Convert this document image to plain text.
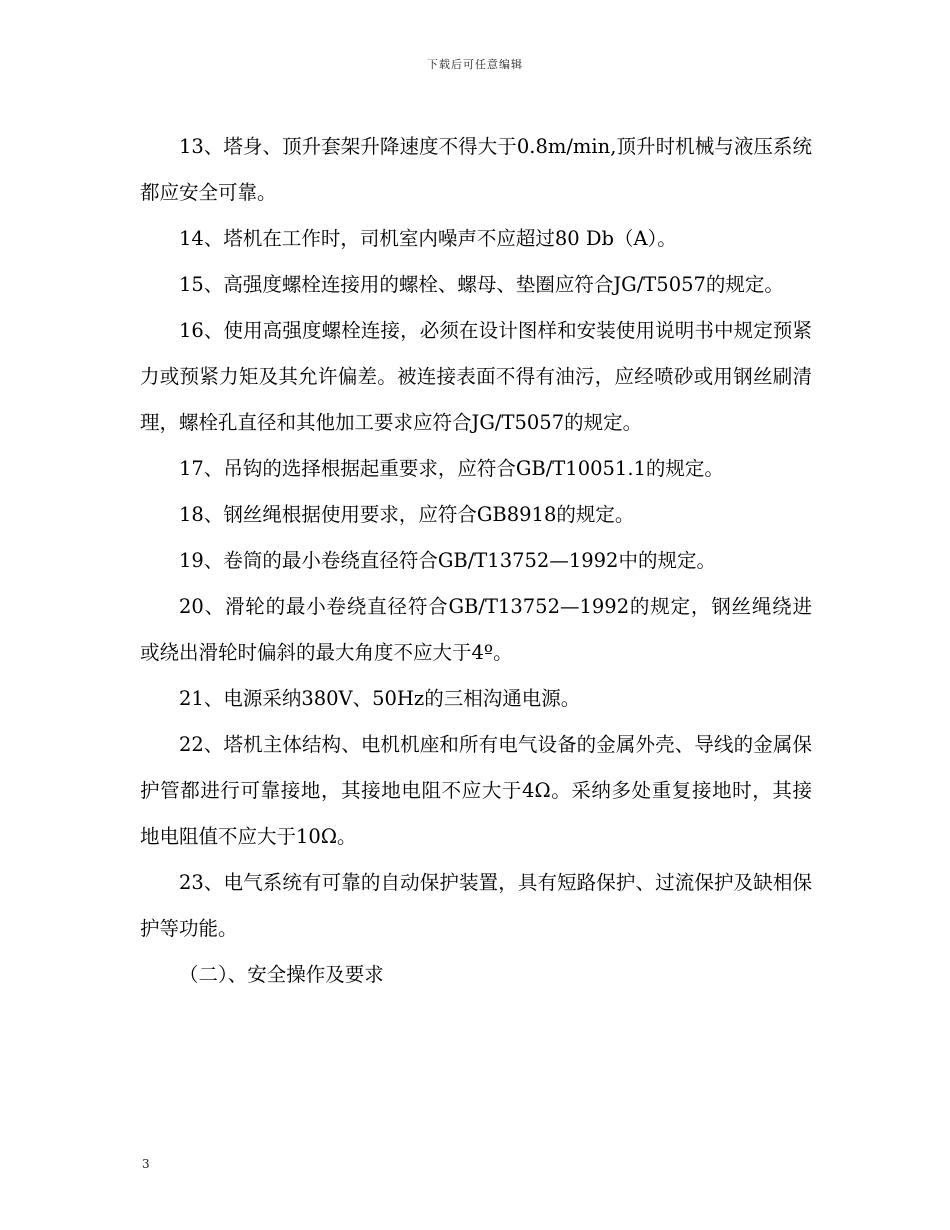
下载后可任意编辑

13、塔身、顶升套架升降速度不得大于0.8m/min,顶升时机械与液压系统都应安全可靠。

14、塔机在工作时，司机室内噪声不应超过80 Db（A）。

15、高强度螺栓连接用的螺栓、螺母、垫圈应符合JG/T5057的规定。

16、使用高强度螺栓连接，必须在设计图样和安装使用说明书中规定预紧力或预紧力矩及其允许偏差。被连接表面不得有油污，应经喷砂或用钢丝刷清理，螺栓孔直径和其他加工要求应符合JG/T5057的规定。

17、吊钩的选择根据起重要求，应符合GB/T10051.1的规定。

18、钢丝绳根据使用要求，应符合GB8918的规定。

19、卷筒的最小卷绕直径符合GB/T13752—1992中的规定。

20、滑轮的最小卷绕直径符合GB/T13752—1992的规定，钢丝绳绕进或绕出滑轮时偏斜的最大角度不应大于4º。

21、电源采纳380V、50Hz的三相沟通电源。

22、塔机主体结构、电机机座和所有电气设备的金属外壳、导线的金属保护管都进行可靠接地，其接地电阻不应大于4Ω。采纳多处重复接地时，其接地电阻值不应大于10Ω。

23、电气系统有可靠的自动保护装置，具有短路保护、过流保护及缺相保护等功能。

（二）、安全操作及要求

3
